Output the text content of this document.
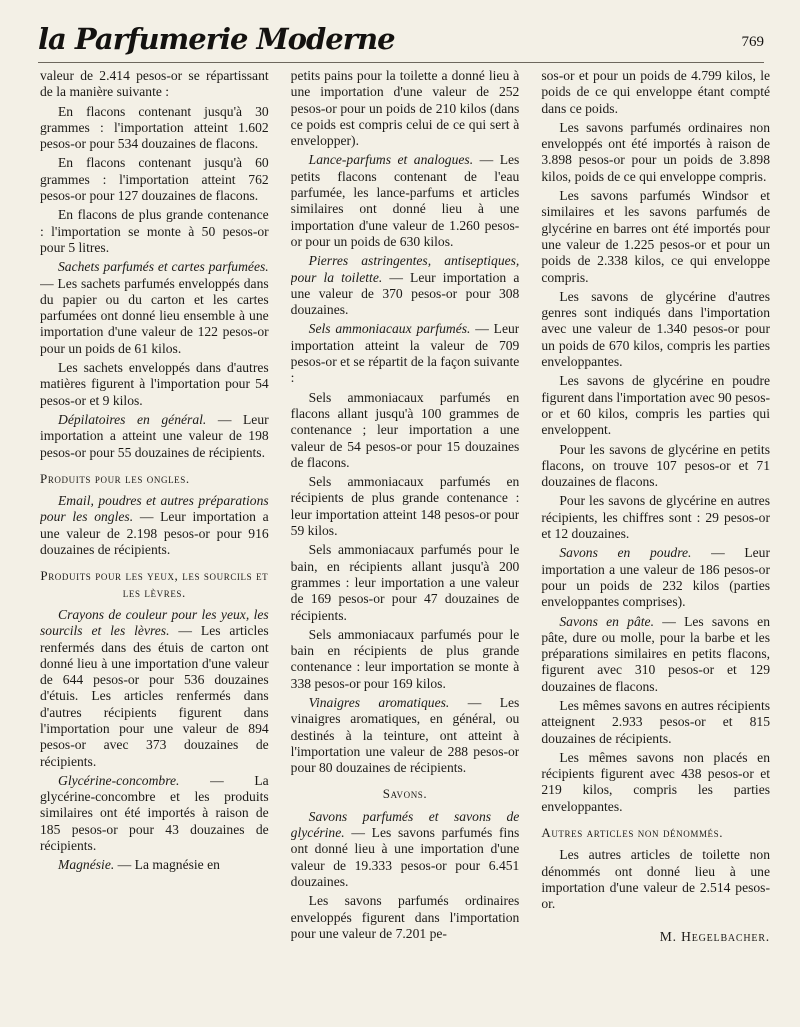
la Parfumerie Moderne	769

valeur de 2.414 pesos-or se répartissant de la manière suivante :

En flacons contenant jusqu'à 30 grammes : l'importation atteint 1.602 pesos-or pour 534 douzaines de flacons.

En flacons contenant jusqu'à 60 grammes : l'importation atteint 762 pesos-or pour 127 douzaines de flacons.

En flacons de plus grande contenance : l'importation se monte à 50 pesos-or pour 5 litres.

Sachets parfumés et cartes parfumées. — Les sachets parfumés enveloppés dans du papier ou du carton et les cartes parfumées ont donné lieu ensemble à une importation d'une valeur de 122 pesos-or pour un poids de 61 kilos.

Les sachets enveloppés dans d'autres matières figurent à l'importation pour 54 pesos-or et 9 kilos.

Dépilatoires en général. — Leur importation a atteint une valeur de 198 pesos-or pour 55 douzaines de récipients.

Produits pour les ongles.

Email, poudres et autres préparations pour les ongles. — Leur importation a une valeur de 2.198 pesos-or pour 916 douzaines de récipients.

Produits pour les yeux, les sourcils et les lèvres.

Crayons de couleur pour les yeux, les sourcils et les lèvres. — Les articles renfermés dans des étuis de carton ont donné lieu à une importation d'une valeur de 644 pesos-or pour 536 douzaines d'étuis. Les articles renfermés dans d'autres récipients figurent dans l'importation pour une valeur de 894 pesos-or avec 373 douzaines de récipients.

Glycérine-concombre. — La glycérine-concombre et les produits similaires ont été importés à raison de 185 pesos-or pour 43 douzaines de récipients.

Magnésie. — La magnésie en

petits pains pour la toilette a donné lieu à une importation d'une valeur de 252 pesos-or pour un poids de 210 kilos (dans ce poids est compris celui de ce qui sert à envelopper).

Lance-parfums et analogues. — Les petits flacons contenant de l'eau parfumée, les lance-parfums et articles similaires ont donné lieu à une importation d'une valeur de 1.260 pesos-or pour un poids de 630 kilos.

Pierres astringentes, antiseptiques, pour la toilette. — Leur importation a une valeur de 370 pesos-or pour 308 douzaines.

Sels ammoniacaux parfumés. — Leur importation atteint la valeur de 709 pesos-or et se répartit de la façon suivante :

Sels ammoniacaux parfumés en flacons allant jusqu'à 100 grammes de contenance ; leur importation a une valeur de 54 pesos-or pour 15 douzaines de flacons.

Sels ammoniacaux parfumés en récipients de plus grande contenance : leur importation atteint 148 pesos-or pour 59 kilos.

Sels ammoniacaux parfumés pour le bain, en récipients allant jusqu'à 200 grammes : leur importation a une valeur de 169 pesos-or pour 47 douzaines de récipients.

Sels ammoniacaux parfumés pour le bain en récipients de plus grande contenance : leur importation se monte à 338 pesos-or pour 169 kilos.

Vinaigres aromatiques. — Les vinaigres aromatiques, en général, ou destinés à la teinture, ont atteint à l'importation une valeur de 288 pesos-or pour 80 douzaines de récipients.

Savons.

Savons parfumés et savons de glycérine. — Les savons parfumés fins ont donné lieu à une importation d'une valeur de 19.333 pesos-or pour 6.451 douzaines.

Les savons parfumés ordinaires enveloppés figurent dans l'importation pour une valeur de 7.201 pe-

sos-or et pour un poids de 4.799 kilos, le poids de ce qui enveloppe étant compté dans ce poids.

Les savons parfumés ordinaires non enveloppés ont été importés à raison de 3.898 pesos-or pour un poids de 3.898 kilos, poids de ce qui enveloppe compris.

Les savons parfumés Windsor et similaires et les savons parfumés de glycérine en barres ont été importés pour une valeur de 1.225 pesos-or et pour un poids de 2.338 kilos, ce qui enveloppe compris.

Les savons de glycérine d'autres genres sont indiqués dans l'importation avec une valeur de 1.340 pesos-or pour un poids de 670 kilos, compris les parties enveloppantes.

Les savons de glycérine en poudre figurent dans l'importation avec 90 pesos-or et 60 kilos, compris les parties qui enveloppent.

Pour les savons de glycérine en petits flacons, on trouve 107 pesos-or et 71 douzaines de flacons.

Pour les savons de glycérine en autres récipients, les chiffres sont : 29 pesos-or et 12 douzaines.

Savons en poudre. — Leur importation a une valeur de 186 pesos-or pour un poids de 232 kilos (parties enveloppantes comprises).

Savons en pâte. — Les savons en pâte, dure ou molle, pour la barbe et les préparations similaires en petits flacons, figurent avec 310 pesos-or et 129 douzaines de flacons.

Les mêmes savons en autres récipients atteignent 2.933 pesos-or et 815 douzaines de récipients.

Les mêmes savons non placés en récipients figurent avec 438 pesos-or et 219 kilos, compris les parties enveloppantes.

Autres articles non dénommés.

Les autres articles de toilette non dénommés ont donné lieu à une importation d'une valeur de 2.514 pesos-or.

M. Hegelbacher.
